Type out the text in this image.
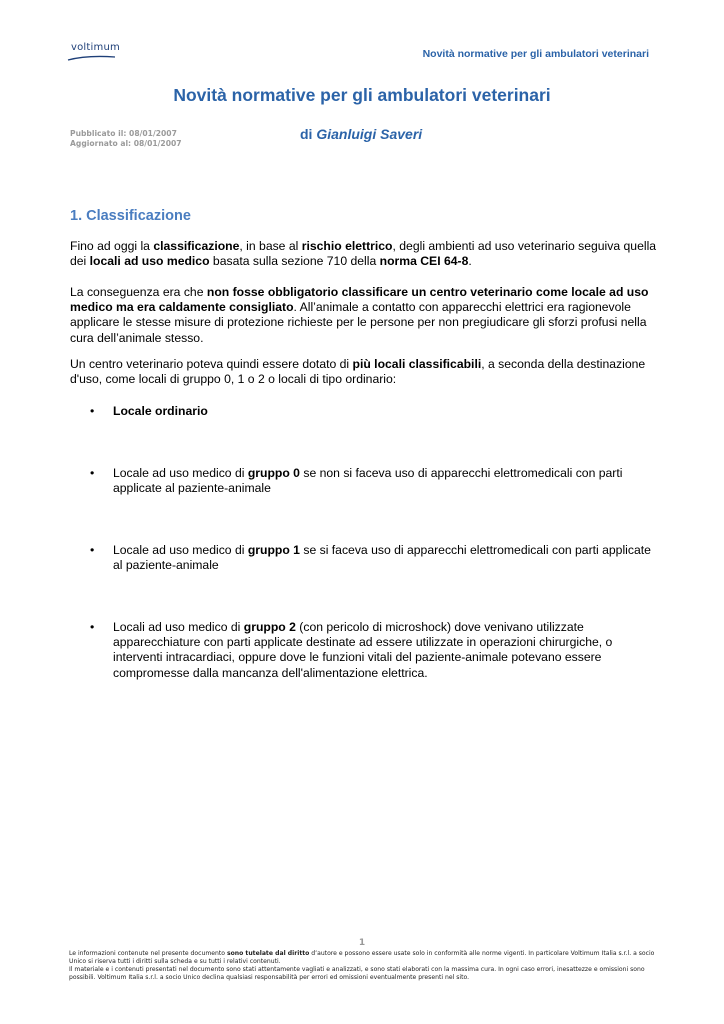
voltimum
Novità normative per gli ambulatori veterinari
Novità normative per gli ambulatori veterinari
Pubblicato il: 08/01/2007
Aggiornato al: 08/01/2007
di Gianluigi Saveri
1. Classificazione
Fino ad oggi la classificazione, in base al rischio elettrico, degli ambienti ad uso veterinario seguiva quella dei locali ad uso medico basata sulla sezione 710 della norma CEI 64-8.
La conseguenza era che non fosse obbligatorio classificare un centro veterinario come locale ad uso medico ma era caldamente consigliato. All’animale a contatto con apparecchi elettrici era ragionevole applicare le stesse misure di protezione richieste per le persone per non pregiudicare gli sforzi profusi nella cura dell’animale stesso.
Un centro veterinario poteva quindi essere dotato di più locali classificabili, a seconda della destinazione d'uso, come locali di gruppo 0, 1 o 2 o locali di tipo ordinario:
•	Locale ordinario
•	Locale ad uso medico di gruppo 0 se non si faceva uso di apparecchi elettromedicali con parti applicate al paziente-animale
•	Locale ad uso medico di gruppo 1 se si faceva uso di apparecchi elettromedicali con parti applicate al paziente-animale
•	Locali ad uso medico di gruppo 2 (con pericolo di microshock) dove venivano utilizzate apparecchiature con parti applicate destinate ad essere utilizzate in operazioni chirurgiche, o interventi intracardiaci, oppure dove le funzioni vitali del paziente-animale potevano essere compromesse dalla mancanza dell'alimentazione elettrica.
1
Le informazioni contenute nel presente documento sono tutelate dal diritto d’autore e possono essere usate solo in conformità alle norme vigenti. In particolare Voltimum Italia s.r.l. a socio Unico si riserva tutti i diritti sulla scheda e su tutti i relativi contenuti.
Il materiale e i contenuti presentati nel documento sono stati attentamente vagliati e analizzati, e sono stati elaborati con la massima cura. In ogni caso errori, inesattezze e omissioni sono possibili. Voltimum Italia s.r.l. a socio Unico declina qualsiasi responsabilità per errori ed omissioni eventualmente presenti nel sito.
